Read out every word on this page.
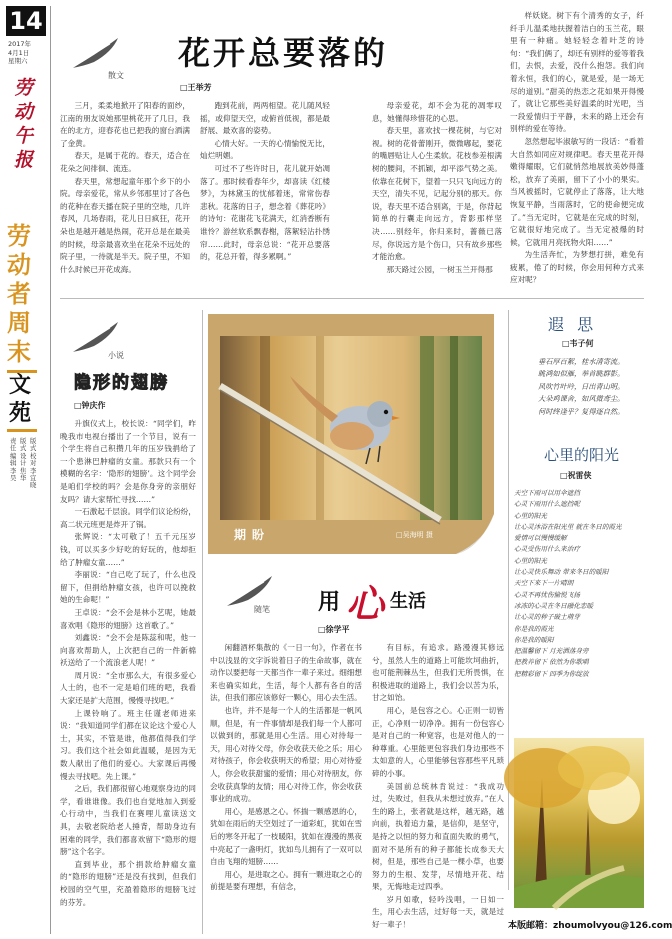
14
2017年
4月1日
星期六
劳动午报
劳动者周末
文苑
版式校对 李宜晓
版式设计 焦华
责任编辑 李昊
散文
花开总要落的
□王举芳

三月，柔柔地掀开了阳春的面纱，江南的朋友说她那里桃花开了几日，我在的北方，迎春花也已把我的窗台洒满了金黄。

春天，是属于花的。春天，适合在花朵之间徘徊、流连。

春天里，常想起童年那个乡下的小院。母亲爱花，常从乡邻那里讨了各色的花种在春天播在院子里的空地，几许春风，几场春雨，花儿日日疯狂，花开朵也是越开越是热闹，花开总是在最美的时候，母亲最喜欢坐在花朵不远处的院子里，一待就是半天。院子里，不知什么时候已开花成海。

跑到花前，两两相望。花儿随风轻摇，或仰望天空，或俯首低视，都是最舒展、最欢喜的姿势。

心情大好。一天的心情愉悦无比，灿烂明媚。

可过不了些许时日，花儿就开始凋落了。那时候看春年少，却喜读《红楼梦》，为林黛玉的忧郁着迷，常常伤春悲秋。花落的日子，想念着《葬花吟》的诗句：花谢花飞花满天，红消香断有谁怜？游丝软系飘春榭，落絮轻沾扑绣帘……此时，母亲总说：“花开总要落的，花总开着，得多累啊。”

母亲爱花，却不会为花的凋零叹息，她懂得珍惜花的心思。

春天里，喜欢找一棵花树，与它对视。树的花骨蕾刚开，微微嘟起，要花的嘴唇贴让人心生柔软。花枝参差根满树的腰间，不抓颖，却平添气势之美。依靠在花树下，望着一只只飞向远方的天空，清失不见，记起分别的那天。你说，春天里不适合别离，于是，你背起简单的行囊走向远方，背影那样坚决……别经年，你归来时，蔷薇已落尽，你说远方是个伤口，只有故乡那些才能治愈。

那天路过公园，一树玉兰开得那

样妖娆。树下有个清秀的女子，纤纤手儿温柔地扶握着洁白的玉兰花，眼里有一种痛。她轻轻念着叶芝的诗句：“我们俩了，却还有别样的爱等着我们，去恨，去爱，没什么抱怨。我们向着永恒，我们的心，就是爱，是一场无尽的道别。”甜美的热恋之花如果开得慢了，就让它那些美好温柔的时光吧，当一段爱情归于平静，未来的路上还会有别样的爱在等待。

忽然想起毕淑敏写的一段话：“看着大自然如同应对规律吧。春天里花开得嫩得耀眼，它们就悄然地展放美妙得蓬松，放弃了美丽，留下了小小的果实。当风被摇时，它就停止了落落，让大地恢复平静，当雨落时，它的使命便完成了。”当无定时，它就是在完成的时刻，它就很好地完成了。当无定被爆的时候，它就用月亮抚物火阳……”

为生活奔忙，为梦想打拼，难免有疲累，倦了的时候，你会用何种方式来应对呢？

小说
隐形的翅膀
□钟庆作

升旗仪式上，校长说：“同学们，昨晚我市电视台播出了一个节目，说有一个学生将自己积攒几年的压岁钱捐给了一个患淋巴肿瘤的女童。那款只有一个模糊的名字：‘隐形的翅膀’。这个同学会是咱们学校的吗？会是你身旁的亲朋好友吗？请大家帮忙寻找……”

一石激起千层浪。同学们议论纷纷，高二状元班更是炸开了锅。

张辉说：“太可敬了！五千元压岁钱，可以买多少好吃的好玩的，他却拒给了肿瘤女童……”

李丽说：“自己吃了玩了，什么也没留下，但捐给肿瘤女孩，也许可以挽救她的生命呢！”

王卓说：“会不会是林小艺呢，她最喜欢唱《隐形的翅膀》这首歌了。”

刘鑫说：“会不会是陈蕊和呢，他一向喜欢帮助人，上次把自己的一件新棉袄送给了一个流浪老人呢！”

周月说：“全市那么大，有很多爱心人士的，也不一定是咱们班的吧，我看大家还是扩大范围，慢慢寻找吧。”

上课铃响了。班主任谨老师进来说：“我知道同学们都在议论这个爱心人士，其实，不管是谁，他都值得我们学习。我们这个社会如此温暖，是因为无数人献出了他们的爱心。大家课后再慢慢去寻找吧。先上课。”

之后，我们都很留心地观察身边的同学，看谁谁像。我们也自觉地加入到爱心行动中，当我们在赛哩儿童读送文具，去敬老院给老人捶背，帮助身边有困难的同学，我们都喜欢留下“隐形的翅膀”这个名字。

直到毕业，那个捐款给肿瘤女童的“隐形的翅膀”还是没有找到，但我们校园的空气里，充盈着隐形的翅膀飞过的芬芳。

期盼	□吴海明 摄
随笔 用 心 生活
□徐学平

闲翻酒杯集散的《一日一句》，作者在书中以浅显的文字诉说着日子的生命故事，就在动作以要把每一天都当作一辈子来过。细细想来也确实如此，生活，每个人都有各自的活法，但我们都应该修好一颗心，用心去生活。

也许，并不是每一个人的生活都是一帆风顺，但是，有一件事情却是我们每一个人都可以做到的，那就是用心生活。用心对待每一天，用心对待父母，你会收获天伦之乐；用心对待孩子，你会收获明天的希望；用心对待爱人，你会收获甜蜜的爱情；用心对待朋友，你会收获真挚的友情；用心对待工作，你会收获事业的成功。

用心，是感恩之心。怀揣一颗感恩的心，犹如在雨后的天空划过了一道彩虹，犹如在雪后的寒冬开起了一枝暖阳，犹如在漫漫的黑夜中亮起了一盏明灯，犹如鸟儿拥有了一双可以自由飞翔的翅膀……

用心，是进取之心。拥有一颗进取之心的前提是要有理想，有信念，

有目标，有追求。路漫漫其修远兮，虽然人生的道路上可能坎坷曲折，也可能荆棘丛生，但我们无所畏惧，在积极进取的道路上，我们会以苦为乐，甘之如饴。

用心，是包容之心。心正则一切皆正，心净则一切净净。拥有一份包容心是对自己的一种宽容，也是对他人的一种尊重。心里能更包容我们身边那些不太如意的人，心里能够包容那些平凡琐碎的小事。

美国前总统林肯说过：“我成功过，失败过，但我从未想过放弃。”在人生的路上，张者就是这样，越无路，越向前，执着追力量，是信仰，是坚守，是持之以恒的努力和直面失败的勇气，面对不是所有的种子都能长成参天大树，但是，那些自己是一棵小草，也要努力的生根、发芽，尽情地开花、结果，无悔地走过四季。

岁月如歌，轻吟浅唱，一日如一生，用心去生活，过好每一天，就是过好一辈子！

遐 思
□韦子何
垂石厚百絮，桂水清寄流。
眺鸿如似雁，举首眺群影。
风吹竹叶吟，日出青山明。
大朵鸡课舍，如风微鸢尘。
何时终逢乎？复得逐自然。
心里的阳光
□祝雷侠
天空下雨可以用伞遮挡
心灵下雨用什么遮挡呢
心里的阳光
让心灵沐浴在阳光里 就在冬日的霞光
爱情可以慢慢缓解
心灵受伤用什么来治疗
心里的阳光
让心灵快乐舞动 带来冬日的暖阳
天空下来下一片晴朗
心灵不再忧伤愉悦飞扬
冰冻的心灵在冬日融化恋暖
让心灵的种子破土萌芽
你是我的霞光
你是我的暖阳
把温馨留下 月光洒落身旁
把教养留下 依然为你歌唱
把精彩留下 四季为你绽放
本版邮箱：zhoumolvyou@126.com
